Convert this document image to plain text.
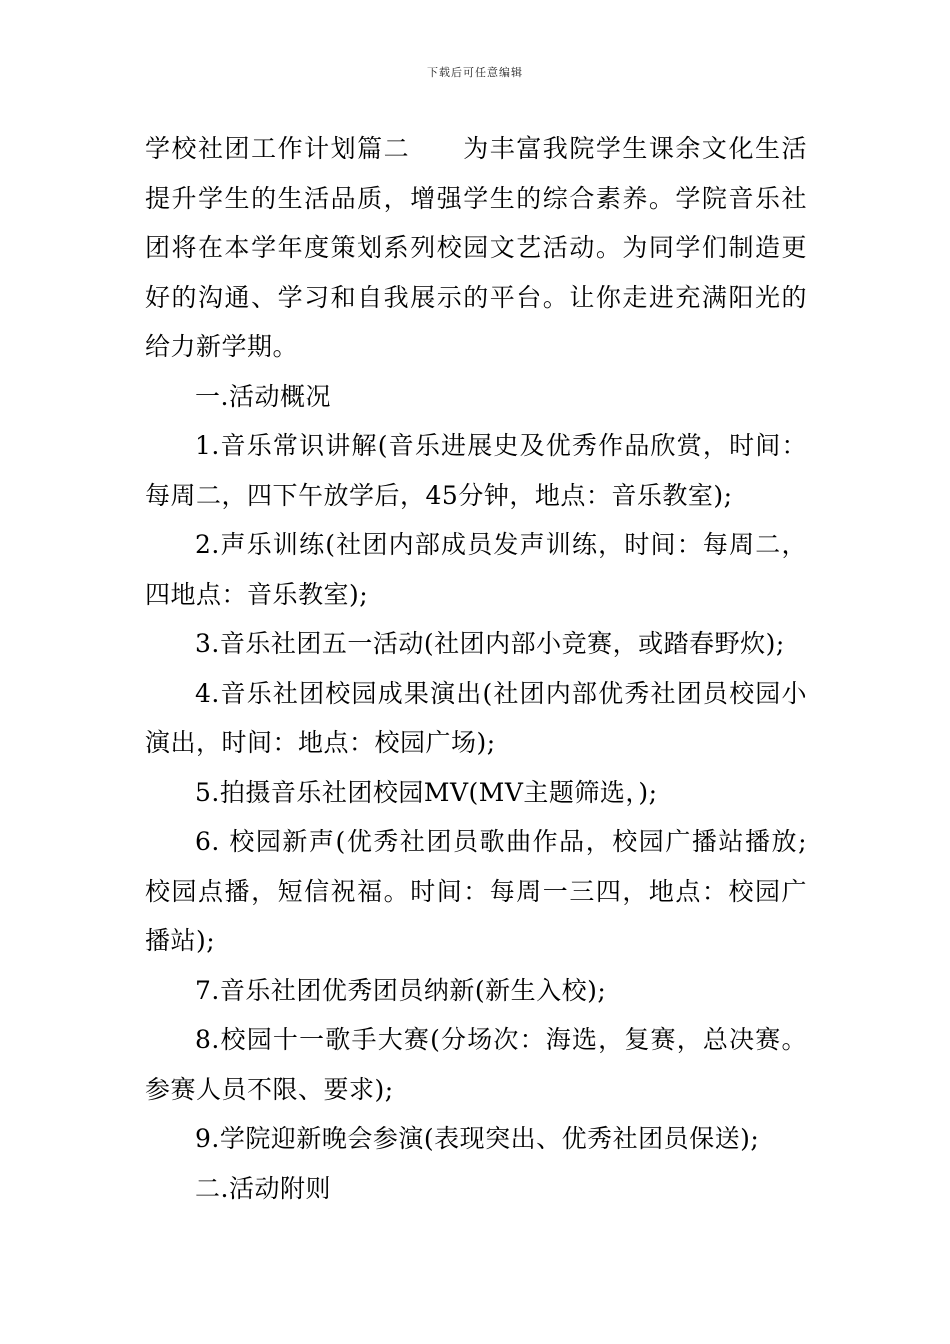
下载后可任意编辑

学校社团工作计划篇二　　为丰富我院学生课余文化生活提升学生的生活品质，增强学生的综合素养。学院音乐社团将在本学年度策划系列校园文艺活动。为同学们制造更好的沟通、学习和自我展示的平台。让你走进充满阳光的给力新学期。

一.活动概况

1.音乐常识讲解(音乐进展史及优秀作品欣赏，时间：每周二，四下午放学后，45分钟，地点：音乐教室);

2.声乐训练(社团内部成员发声训练，时间：每周二，四地点：音乐教室);

3.音乐社团五一活动(社团内部小竞赛，或踏春野炊);

4.音乐社团校园成果演出(社团内部优秀社团员校园小演出，时间：地点：校园广场);

5.拍摄音乐社团校园MV(MV主题筛选，);

6. 校园新声(优秀社团员歌曲作品，校园广播站播放;校园点播，短信祝福。时间：每周一三四，地点：校园广播站);

7.音乐社团优秀团员纳新(新生入校);

8.校园十一歌手大赛(分场次：海选，复赛，总决赛。参赛人员不限、要求);

9.学院迎新晚会参演(表现突出、优秀社团员保送);

二.活动附则
